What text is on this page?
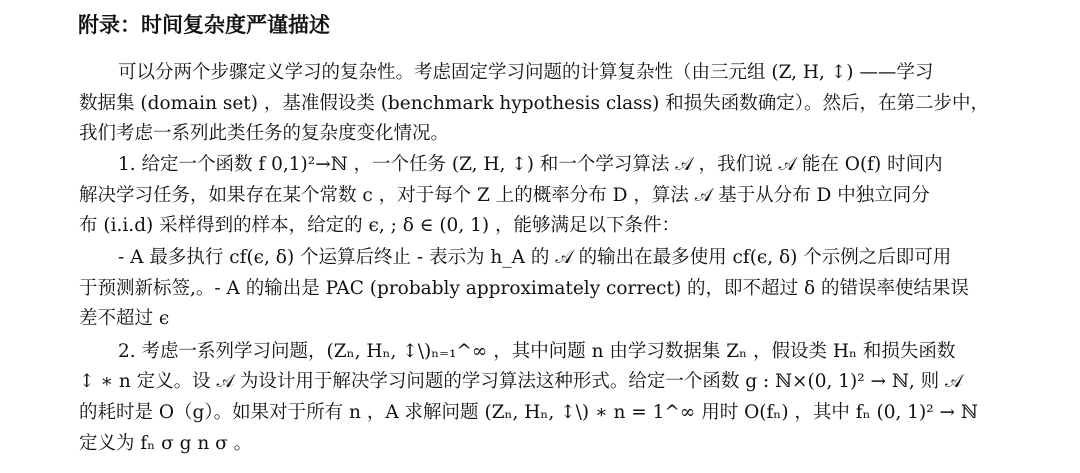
附录：时间复杂度严谨描述
可以分两个步骤定义学习的复杂性。考虑固定学习问题的计算复杂性（由三元组 (Z, H, ↕) ——学习
数据集 (domain set) ，基准假设类 (benchmark hypothesis class) 和损失函数确定）。然后，在第二步中，
我们考虑一系列此类任务的复杂度变化情况。
1. 给定一个函数 f 0,1)²→ℕ ，一个任务 (Z, H, ↕) 和一个学习算法 𝒜 ，我们说 𝒜 能在 O(f) 时间内
解决学习任务，如果存在某个常数 c ，对于每个 Z 上的概率分布 D ，算法 𝒜 基于从分布 D 中独立同分
布 (i.i.d) 采样得到的样本，给定的 ϵ, ; δ ∈ (0, 1) ，能够满足以下条件：
- A 最多执行 cf(ϵ, δ) 个运算后终止 - 表示为 h_A 的 𝒜 的输出在最多使用 cf(ϵ, δ) 个示例之后即可用
于预测新标签,。- A 的输出是 PAC (probably approximately correct) 的，即不超过 δ 的错误率使结果误
差不超过 ϵ
2. 考虑一系列学习问题，(Zₙ, Hₙ, ↕\)ₙ₌₁^∞ ，其中问题 n 由学习数据集 Zₙ ，假设类 Hₙ 和损失函数
↕ ∗ n 定义。设 𝒜 为设计用于解决学习问题的学习算法这种形式。给定一个函数 g : ℕ×(0, 1)² → ℕ, 则 𝒜
的耗时是 O（g）。如果对于所有 n ，A 求解问题 (Zₙ, Hₙ, ↕\) ∗ n = 1^∞ 用时 O(fₙ) ，其中 fₙ (0, 1)² → ℕ
定义为 fₙ σ g n σ 。
